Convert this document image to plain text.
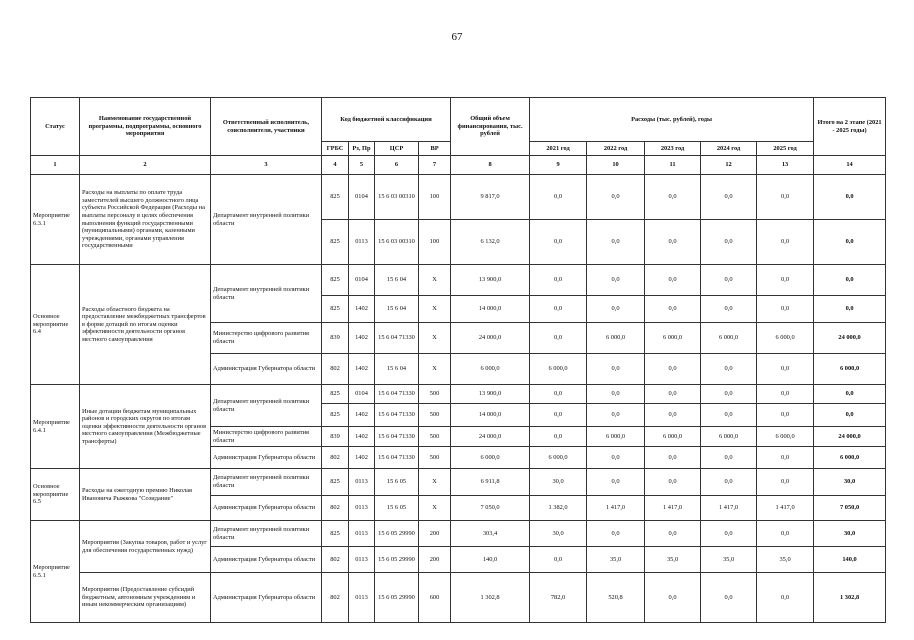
67
Статус	Наименование государственной программы, подпрограммы, основного мероприятия	Ответственный исполнитель, соисполнители, участники	Код бюджетной классификации				Общий объем финансирования, тыс. рублей	Расходы (тыс. рублей), годы					Итого на 2 этапе (2021 - 2025 годы)
			ГРБС	Рз, Пр	ЦСР	ВР		2021 год	2022 год	2023 год	2024 год	2025 год	
1	2	3	4	5	6	7	8	9	10	11	12	13	14
Мероприятие 6.3.1	Расходы на выплаты по оплате труда заместителей высшего должностного лица субъекта Российской Федерации (Расходы на выплаты персоналу в целях обеспечения выполнения функций государственными (муниципальными) органами, казенными учреждениями, органами управления государственными	Департамент внутренней политики области	825	0104	15 6 03 00310	100	9 817,0	0,0	0,0	0,0	0,0	0,0	0,0
			825	0113	15 6 03 00310	100	6 132,0	0,0	0,0	0,0	0,0	0,0	0,0
Основное мероприятие 6.4	Расходы областного бюджета на предоставление межбюджетных трансфертов в форме дотаций по итогам оценки эффективности деятельности органов местного самоуправления	Департамент внутренней политики области	825	0104	15 6 04	X	13 900,0	0,0	0,0	0,0	0,0	0,0	0,0
			825	1402	15 6 04	X	14 000,0	0,0	0,0	0,0	0,0	0,0	0,0
		Министерство цифрового развития области	839	1402	15 6 04 71330	X	24 000,0	0,0	6 000,0	6 000,0	6 000,0	6 000,0	24 000,0
		Администрация Губернатора области	802	1402	15 6 04	X	6 000,0	6 000,0	0,0	0,0	0,0	0,0	6 000,0
Мероприятие 6.4.1	Иные дотации бюджетам муниципальных районов и городских округов по итогам оценки эффективности деятельности органов местного самоуправления (Межбюджетные трансферты)	Департамент внутренней политики области	825	0104	15 6 04 71330	500	13 900,0	0,0	0,0	0,0	0,0	0,0	0,0
			825	1402	15 6 04 71330	500	14 000,0	0,0	0,0	0,0	0,0	0,0	0,0
		Министерство цифрового развития области	839	1402	15 6 04 71330	500	24 000,0	0,0	6 000,0	6 000,0	6 000,0	6 000,0	24 000,0
		Администрация Губернатора области	802	1402	15 6 04 71330	500	6 000,0	6 000,0	0,0	0,0	0,0	0,0	6 000,0
Основное мероприятие 6.5	Расходы на ежегодную премию Николая Ивановича Рыжкова "Созидание"	Департамент внутренней политики области	825	0113	15 6 05	X	6 911,8	30,0	0,0	0,0	0,0	0,0	30,0
		Администрация Губернатора области	802	0113	15 6 05	X	7 050,0	1 382,0	1 417,0	1 417,0	1 417,0	1 417,0	7 050,0
Мероприятие 6.5.1	Мероприятия (Закупка товаров, работ и услуг для обеспечения государственных нужд)	Департамент внутренней политики области	825	0113	15 6 05 29990	200	303,4	30,0	0,0	0,0	0,0	0,0	30,0
		Администрация Губернатора области	802	0113	15 6 05 29990	200	140,0	0,0	35,0	35,0	35,0	35,0	140,0
	Мероприятия (Предоставление субсидий бюджетным, автономным учреждениям и иным некоммерческим организациям)	Администрация Губернатора области	802	0113	15 6 05 29990	600	1 302,8	782,0	520,8	0,0	0,0	0,0	1 302,8
